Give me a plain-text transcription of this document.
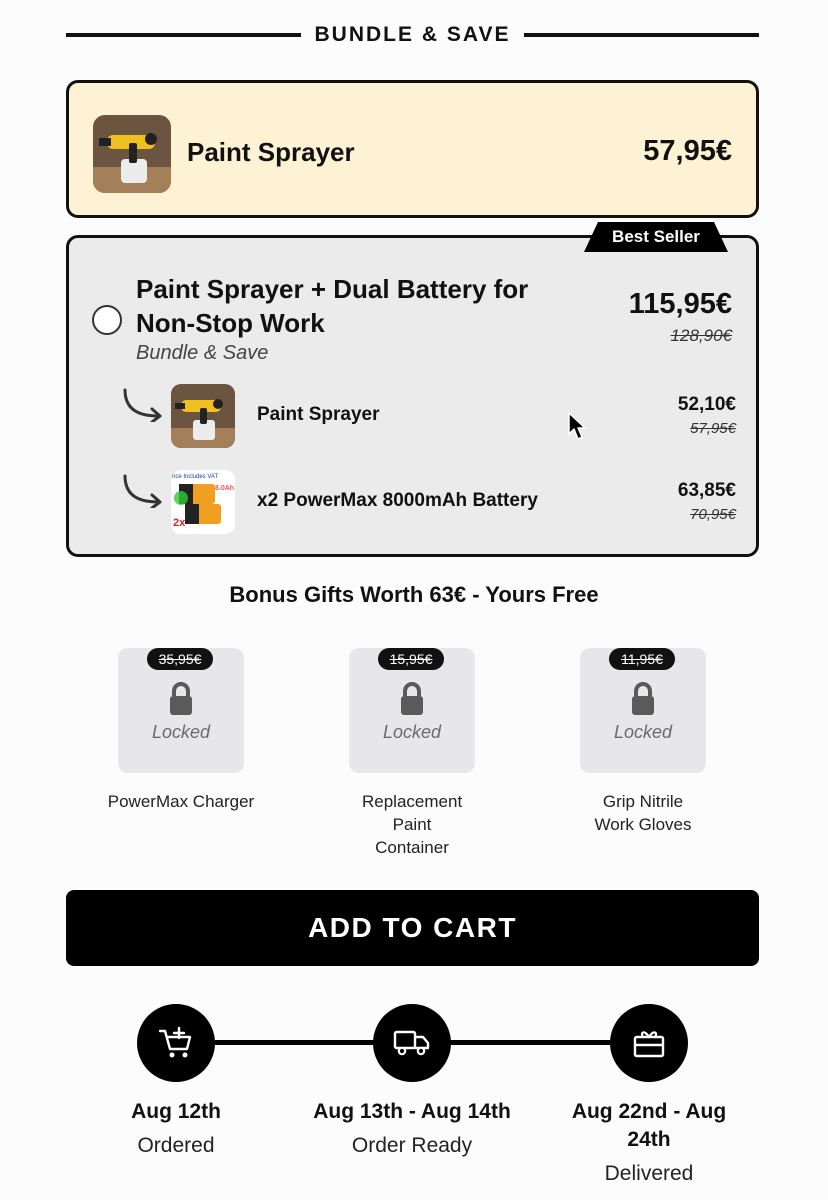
BUNDLE & SAVE
Paint Sprayer	57,95€
Paint Sprayer + Dual Battery for Non-Stop Work
Bundle & Save
115,95€
128,90€
Paint Sprayer	52,10€
57,95€
rice Includes VAT
8.0Ah
2x
x2 PowerMax 8000mAh Battery	63,85€
70,95€
Best Seller
Bonus Gifts Worth 63€ - Yours Free
35,95€
Locked
PowerMax Charger
15,95€
Locked
Replacement Paint Container
11,95€
Locked
Grip Nitrile Work Gloves
ADD TO CART
Aug 12th
Ordered
Aug 13th - Aug 14th
Order Ready
Aug 22nd - Aug 24th
Delivered
